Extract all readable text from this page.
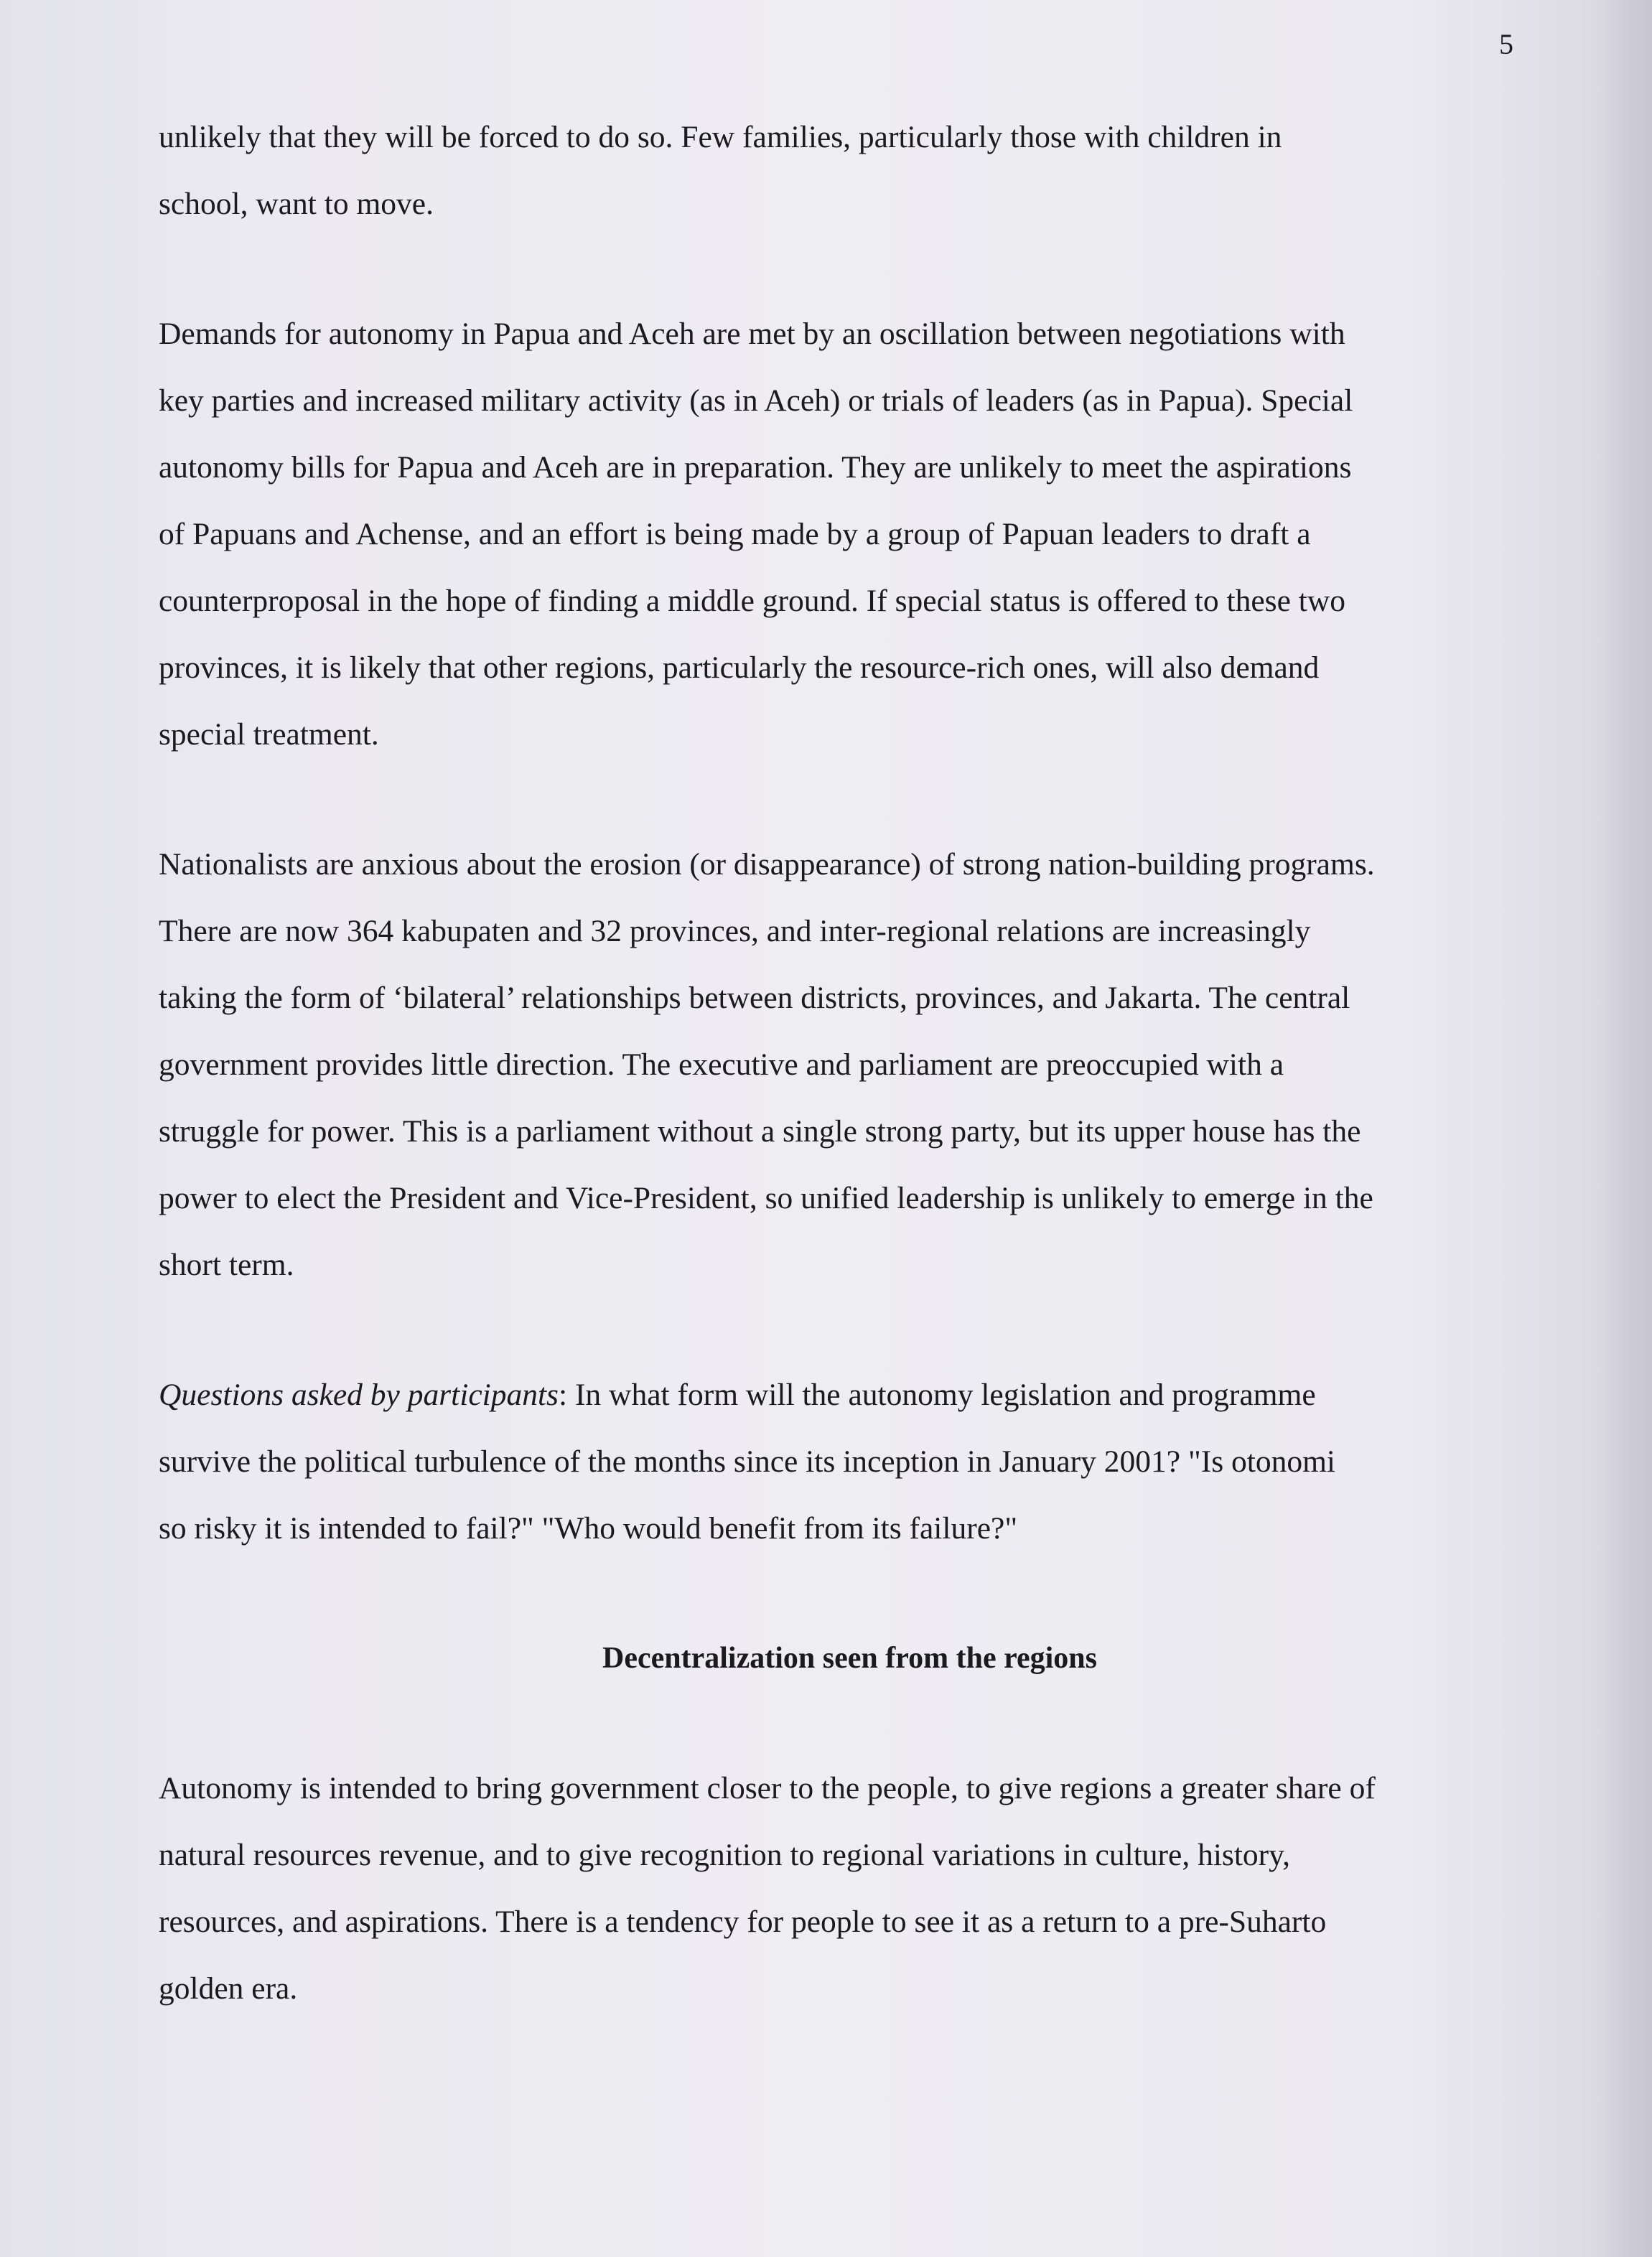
5

unlikely that they will be forced to do so. Few families, particularly those with children in
school, want to move.

Demands for autonomy in Papua and Aceh are met by an oscillation between negotiations with
key parties and increased military activity (as in Aceh) or trials of leaders (as in Papua). Special
autonomy bills for Papua and Aceh are in preparation. They are unlikely to meet the aspirations
of Papuans and Achense, and an effort is being made by a group of Papuan leaders to draft a
counterproposal in the hope of finding a middle ground. If special status is offered to these two
provinces, it is likely that other regions, particularly the resource-rich ones, will also demand
special treatment.

Nationalists are anxious about the erosion (or disappearance) of strong nation-building programs.
There are now 364 kabupaten and 32 provinces, and inter-regional relations are increasingly
taking the form of ‘bilateral’ relationships between districts, provinces, and Jakarta. The central
government provides little direction. The executive and parliament are preoccupied with a
struggle for power. This is a parliament without a single strong party, but its upper house has the
power to elect the President and Vice-President, so unified leadership is unlikely to emerge in the
short term.

Questions asked by participants: In what form will the autonomy legislation and programme
survive the political turbulence of the months since its inception in January 2001? "Is otonomi
so risky it is intended to fail?" "Who would benefit from its failure?"

Decentralization seen from the regions

Autonomy is intended to bring government closer to the people, to give regions a greater share of
natural resources revenue, and to give recognition to regional variations in culture, history,
resources, and aspirations. There is a tendency for people to see it as a return to a pre-Suharto
golden era.
